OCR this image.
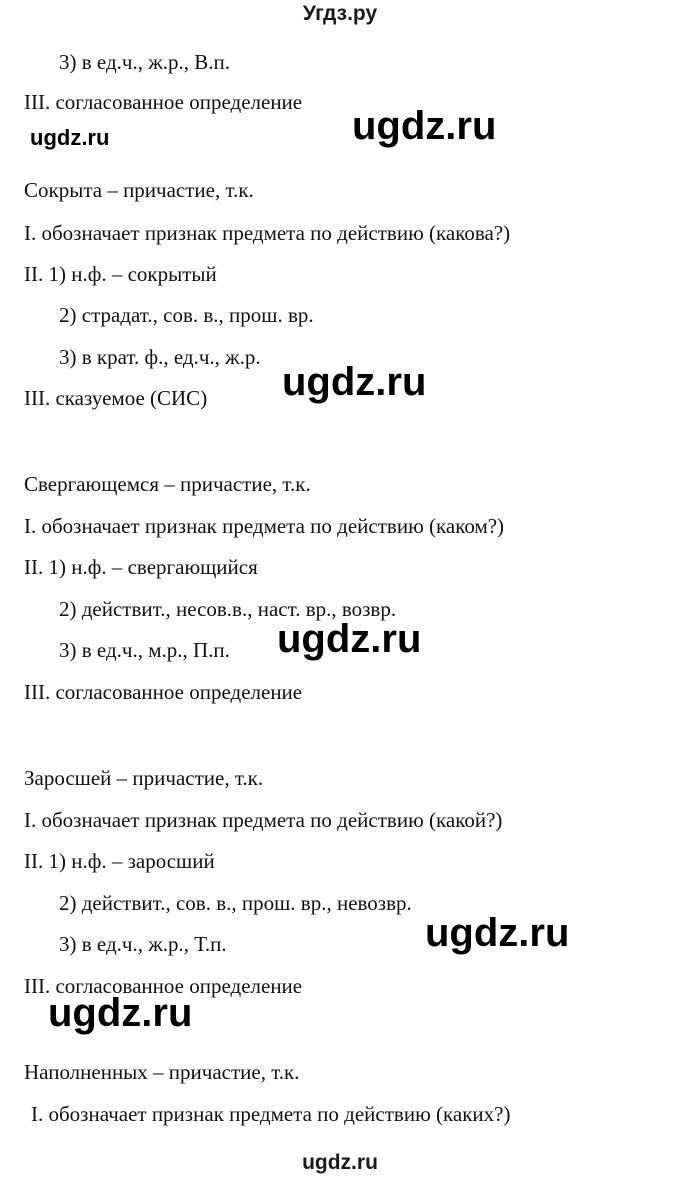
Угдз.ру
3) в ед.ч., ж.р., В.п.
III. согласованное определение
Сокрыта – причастие, т.к.
I. обозначает признак предмета по действию (какова?)
II. 1) н.ф. – сокрытый
2) страдат., сов. в., прош. вр.
3) в крат. ф., ед.ч., ж.р.
III. сказуемое (СИС)
Свергающемся – причастие, т.к.
I. обозначает признак предмета по действию (каком?)
II. 1) н.ф. – свергающийся
2) действит., несов.в., наст. вр., возвр.
3) в ед.ч., м.р., П.п.
III. согласованное определение
Заросшей – причастие, т.к.
I. обозначает признак предмета по действию (какой?)
II. 1) н.ф. – заросший
2) действит., сов. в., прош. вр., невозвр.
3) в ед.ч., ж.р., Т.п.
III. согласованное определение
Наполненных – причастие, т.к.
I. обозначает признак предмета по действию (каких?)
ugdz.ru	ugdz.ru
ugdz.ru
ugdz.ru
ugdz.ru
ugdz.ru
ugdz.ru
